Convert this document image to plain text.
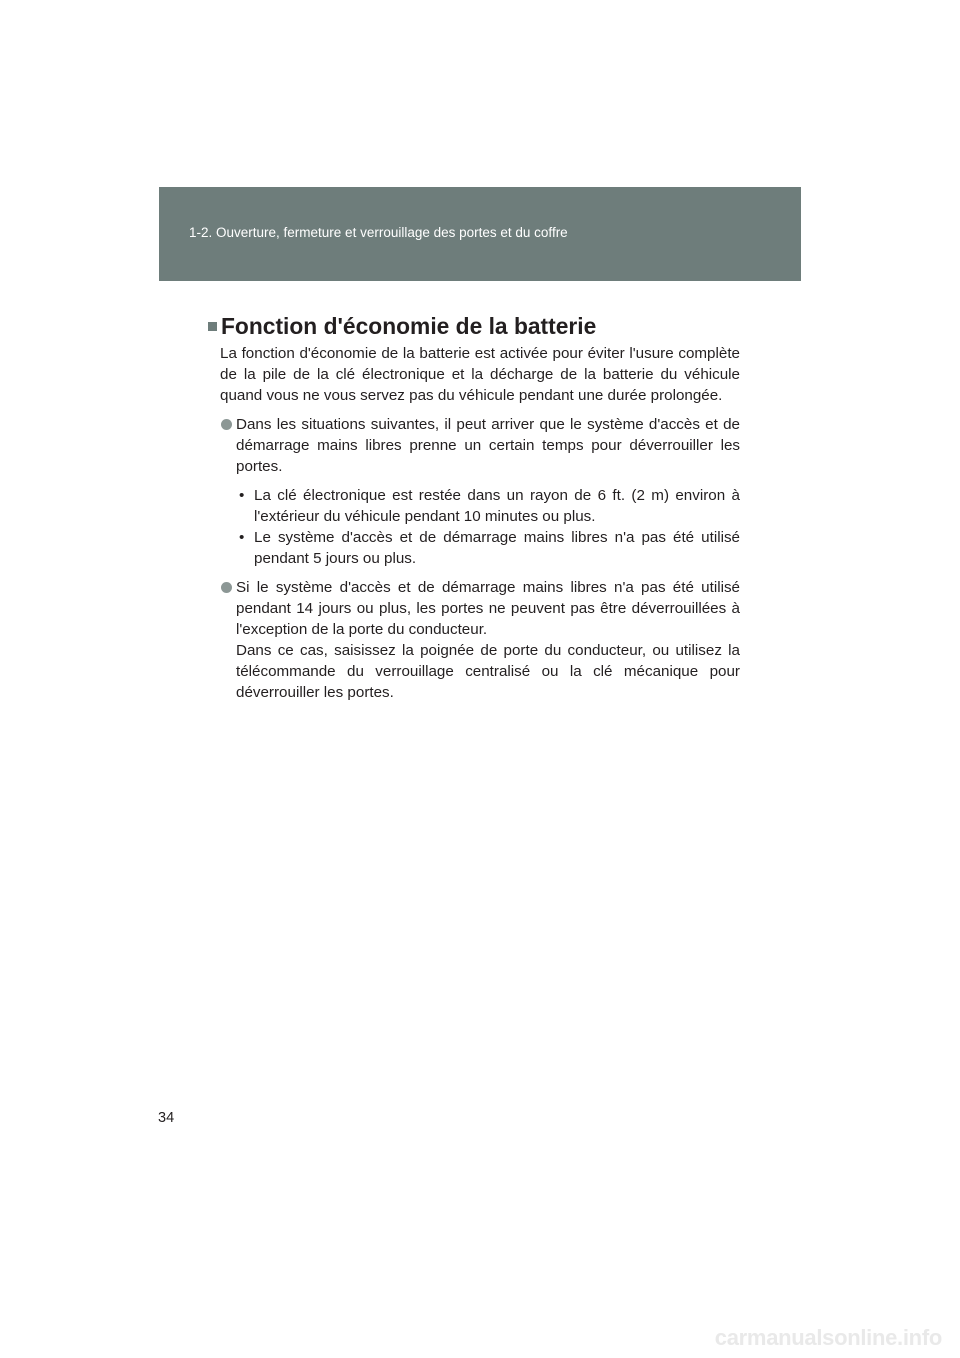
1-2. Ouverture, fermeture et verrouillage des portes et du coffre
Fonction d'économie de la batterie

La fonction d'économie de la batterie est activée pour éviter l'usure complète de la pile de la clé électronique et la décharge de la batterie du véhicule quand vous ne vous servez pas du véhicule pendant une durée prolongée.

Dans les situations suivantes, il peut arriver que le système d'accès et de démarrage mains libres prenne un certain temps pour déverrouiller les portes.
• La clé électronique est restée dans un rayon de 6 ft. (2 m) environ à l'extérieur du véhicule pendant 10 minutes ou plus.
• Le système d'accès et de démarrage mains libres n'a pas été utilisé pendant 5 jours ou plus.
Si le système d'accès et de démarrage mains libres n'a pas été utilisé pendant 14 jours ou plus, les portes ne peuvent pas être déverrouillées à l'exception de la porte du conducteur.
Dans ce cas, saisissez la poignée de porte du conducteur, ou utilisez la télécommande du verrouillage centralisé ou la clé mécanique pour déverrouiller les portes.
34
carmanualsonline.info
